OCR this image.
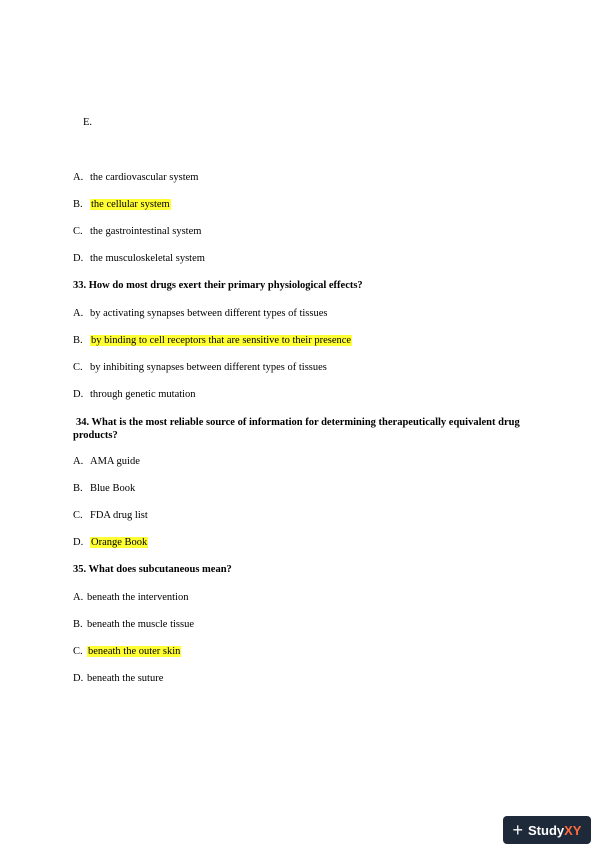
E.
A. the cardiovascular system
B. the cellular system
C. the gastrointestinal system
D. the musculoskeletal system
33. How do most drugs exert their primary physiological effects?
A. by activating synapses between different types of tissues
B. by binding to cell receptors that are sensitive to their presence
C. by inhibiting synapses between different types of tissues
D. through genetic mutation
34. What is the most reliable source of information for determining therapeutically equivalent drug products?
A. AMA guide
B. Blue Book
C. FDA drug list
D. Orange Book
35. What does subcutaneous mean?
A. beneath the intervention
B. beneath the muscle tissue
C. beneath the outer skin
D. beneath the suture
+ StudyXY
